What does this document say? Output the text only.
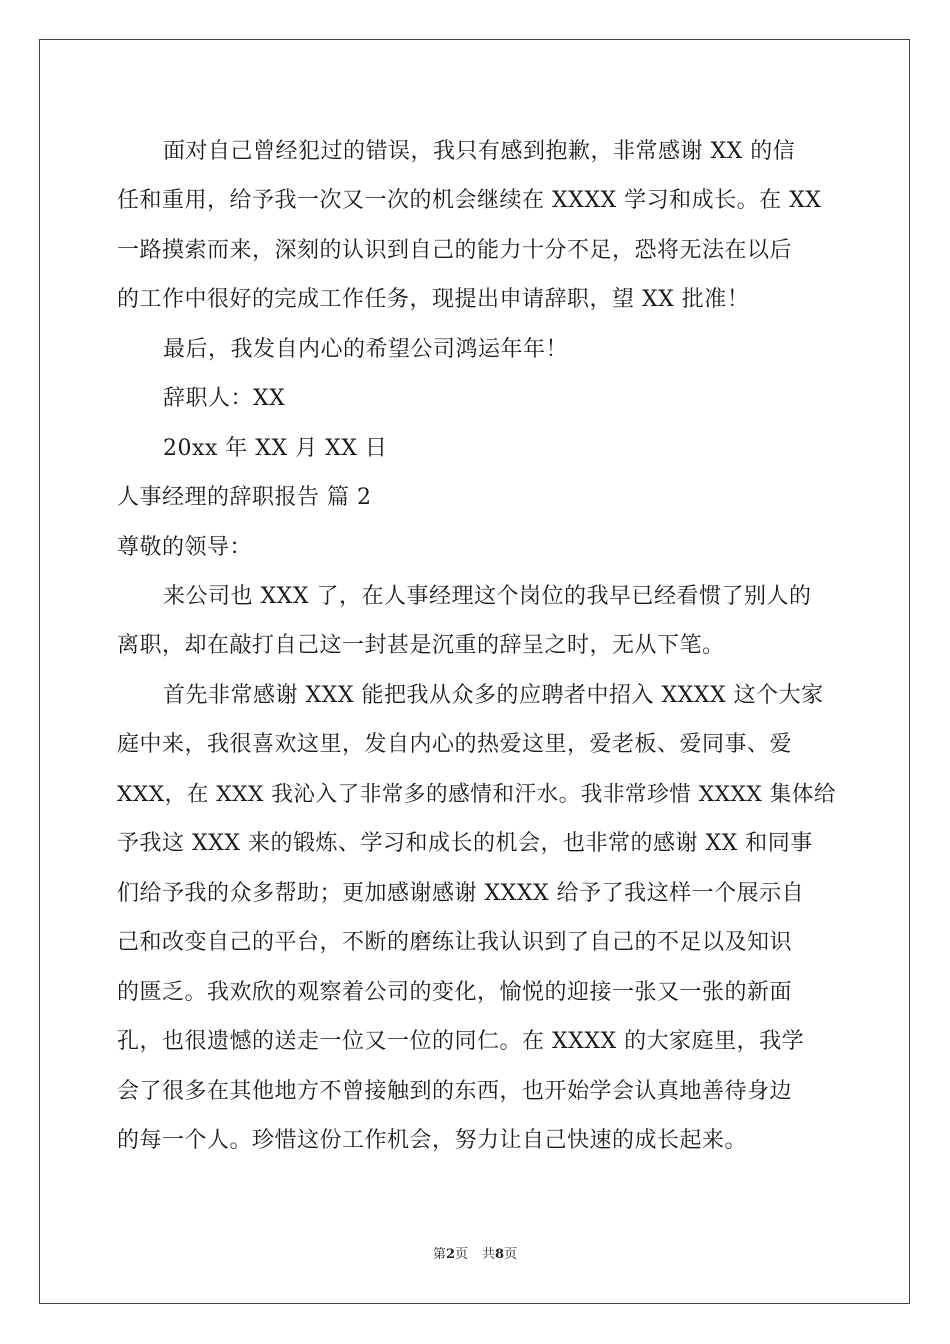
面对自己曾经犯过的错误，我只有感到抱歉，非常感谢 XX 的信
任和重用，给予我一次又一次的机会继续在 XXXX 学习和成长。在 XX
一路摸索而来，深刻的认识到自己的能力十分不足，恐将无法在以后
的工作中很好的完成工作任务，现提出申请辞职，望 XX 批准！
最后，我发自内心的希望公司鸿运年年！
辞职人：XX
20xx 年 XX 月 XX 日
人事经理的辞职报告 篇 2
尊敬的领导：
来公司也 XXX 了，在人事经理这个岗位的我早已经看惯了别人的
离职，却在敲打自己这一封甚是沉重的辞呈之时，无从下笔。
首先非常感谢 XXX 能把我从众多的应聘者中招入 XXXX 这个大家
庭中来，我很喜欢这里，发自内心的热爱这里，爱老板、爱同事、爱
XXX，在 XXX 我沁入了非常多的感情和汗水。我非常珍惜 XXXX 集体给
予我这 XXX 来的锻炼、学习和成长的机会，也非常的感谢 XX 和同事
们给予我的众多帮助；更加感谢感谢 XXXX 给予了我这样一个展示自
己和改变自己的平台，不断的磨练让我认识到了自己的不足以及知识
的匮乏。我欢欣的观察着公司的变化，愉悦的迎接一张又一张的新面
孔，也很遗憾的送走一位又一位的同仁。在 XXXX 的大家庭里，我学
会了很多在其他地方不曾接触到的东西，也开始学会认真地善待身边
的每一个人。珍惜这份工作机会，努力让自己快速的成长起来。
第2页 共8页
